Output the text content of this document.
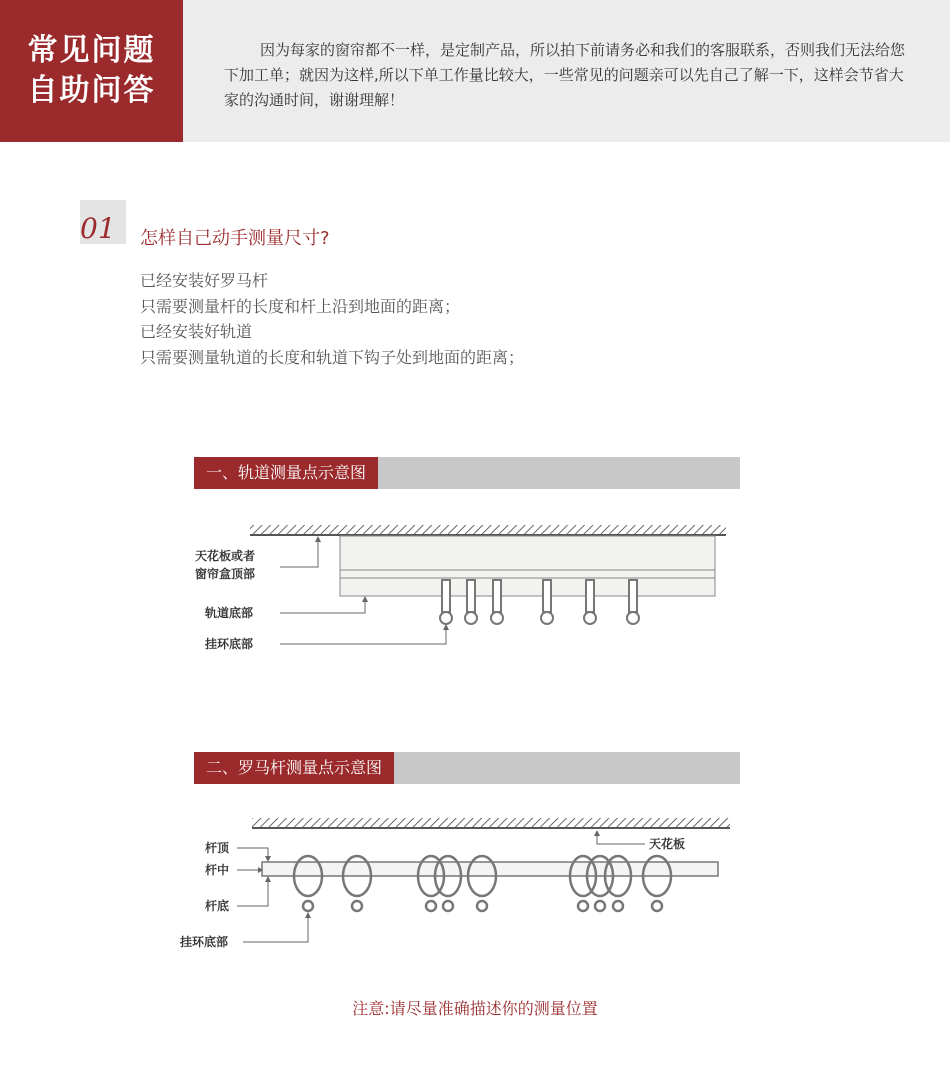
常见问题
自助问答
因为每家的窗帘都不一样，是定制产品，所以拍下前请务必和我们的客服联系，否则我们无法给您下加工单；就因为这样,所以下单工作量比较大，一些常见的问题亲可以先自己了解一下，这样会节省大家的沟通时间，谢谢理解！
01 怎样自己动手测量尺寸?
已经安装好罗马杆
只需要测量杆的长度和杆上沿到地面的距离；
已经安装好轨道
只需要测量轨道的长度和轨道下钩子处到地面的距离；
一、轨道测量点示意图
天花板或者
窗帘盒顶部
轨道底部
挂环底部
二、罗马杆测量点示意图
杆顶
杆中
杆底
挂环底部
天花板
注意:请尽量准确描述你的测量位置
